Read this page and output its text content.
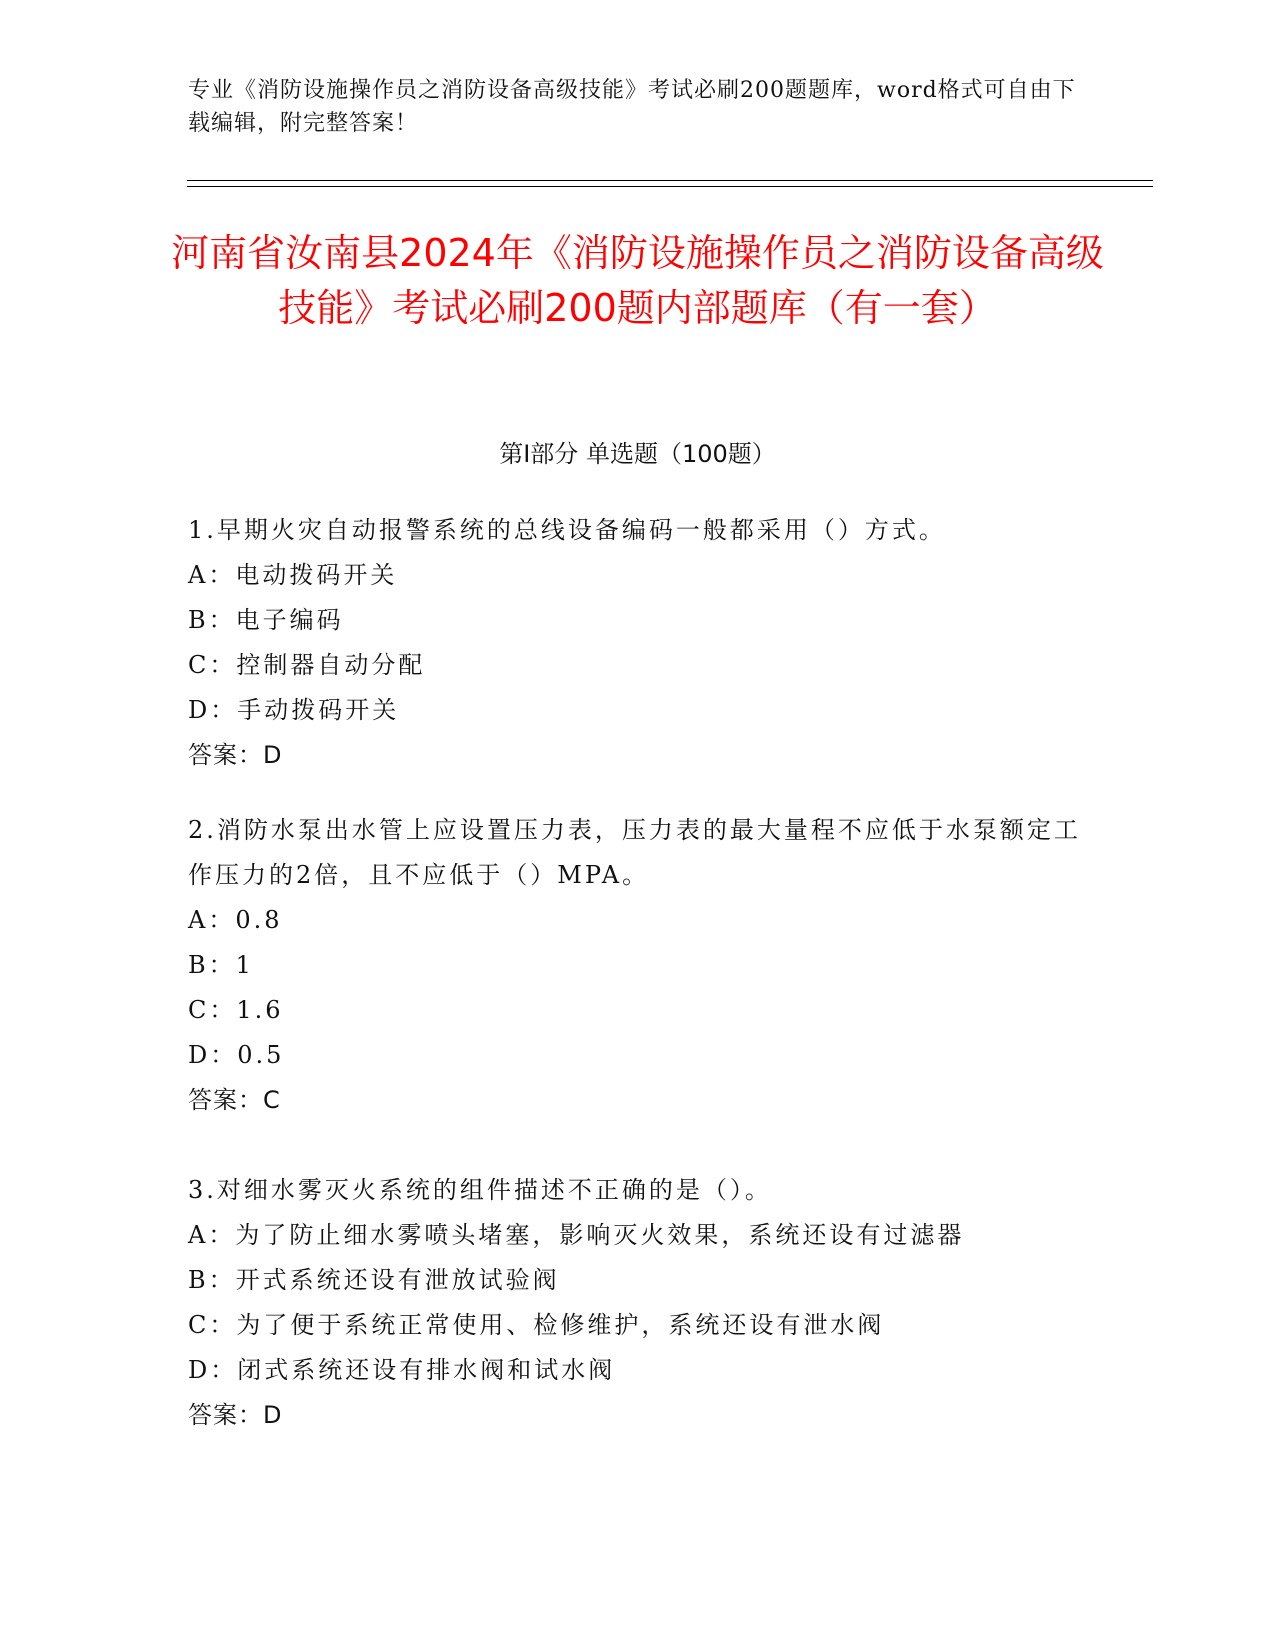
专业《消防设施操作员之消防设备高级技能》考试必刷200题题库，word格式可自由下载编辑，附完整答案！
河南省汝南县2024年《消防设施操作员之消防设备高级技能》考试必刷200题内部题库（有一套）
第I部分 单选题（100题）
1.早期火灾自动报警系统的总线设备编码一般都采用（）方式。
A：电动拨码开关
B：电子编码
C：控制器自动分配
D：手动拨码开关
答案：D
2.消防水泵出水管上应设置压力表，压力表的最大量程不应低于水泵额定工作压力的2倍，且不应低于（）MPA。
A：0.8
B：1
C：1.6
D：0.5
答案：C
3.对细水雾灭火系统的组件描述不正确的是（）。
A：为了防止细水雾喷头堵塞，影响灭火效果，系统还设有过滤器
B：开式系统还设有泄放试验阀
C：为了便于系统正常使用、检修维护，系统还设有泄水阀
D：闭式系统还设有排水阀和试水阀
答案：D
